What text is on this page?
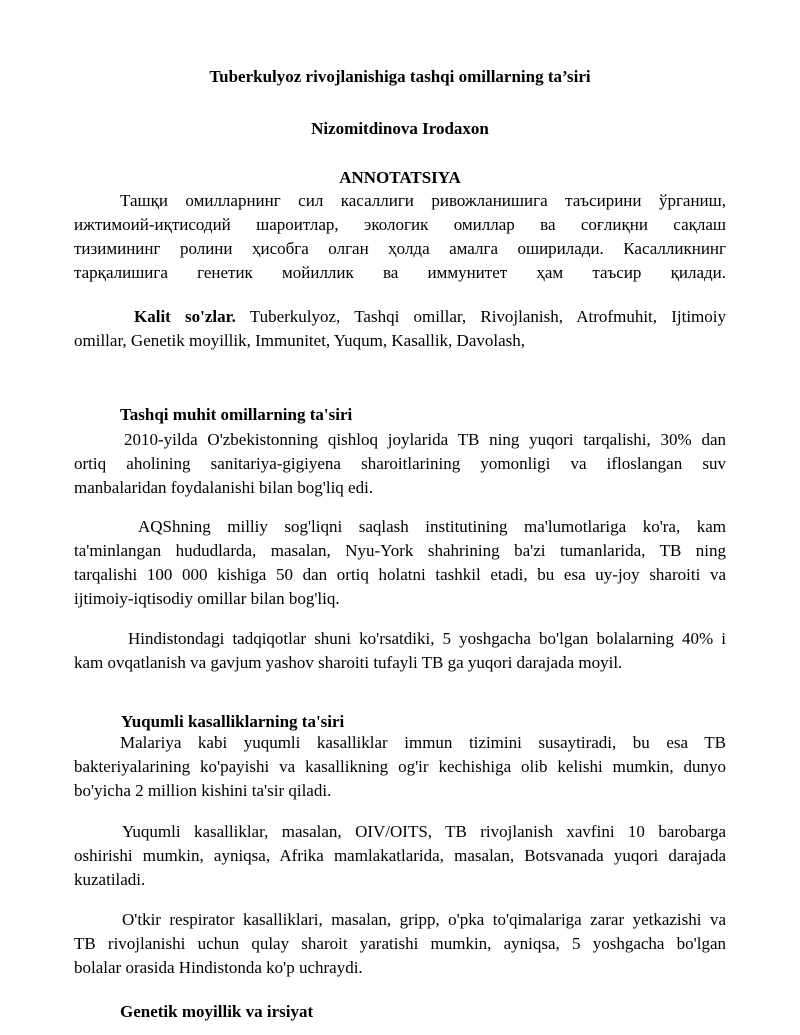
Tuberkulyoz rivojlanishiga tashqi omillarning ta’siri
Nizomitdinova Irodaxon
ANNOTATSIYA
Ташқи омилларнинг сил касаллиги ривожланишига таъсирини ўрганиш,
ижтимоий-иқтисодий шароитлар, экологик омиллар ва соғлиқни сақлаш
тизимининг ролини ҳисобга олган ҳолда амалга оширилади. Касалликнинг
тарқалишига генетик мойиллик ва иммунитет ҳам таъсир қилади.
Kalit so'zlar. Tuberkulyoz, Tashqi omillar, Rivojlanish, Atrofmuhit, Ijtimoiy
omillar, Genetik moyillik, Immunitet, Yuqum, Kasallik, Davolash,
Tashqi muhit omillarning ta'siri
2010-yilda O'zbekistonning qishloq joylarida TB ning yuqori tarqalishi, 30% dan
ortiq aholining sanitariya-gigiyena sharoitlarining yomonligi va ifloslangan suv
manbalaridan foydalanishi bilan bog'liq edi.
AQShning milliy sog'liqni saqlash institutining ma'lumotlariga ko'ra, kam
ta'minlangan hududlarda, masalan, Nyu-York shahrining ba'zi tumanlarida, TB ning
tarqalishi 100 000 kishiga 50 dan ortiq holatni tashkil etadi, bu esa uy-joy sharoiti va
ijtimoiy-iqtisodiy omillar bilan bog'liq.
Hindistondagi tadqiqotlar shuni ko'rsatdiki, 5 yoshgacha bo'lgan bolalarning 40% i
kam ovqatlanish va gavjum yashov sharoiti tufayli TB ga yuqori darajada moyil.
Yuqumli kasalliklarning ta'siri
Malariya kabi yuqumli kasalliklar immun tizimini susaytiradi, bu esa TB
bakteriyalarining ko'payishi va kasallikning og'ir kechishiga olib kelishi mumkin, dunyo
bo'yicha 2 million kishini ta'sir qiladi.
Yuqumli kasalliklar, masalan, OIV/OITS, TB rivojlanish xavfini 10 barobarga
oshirishi mumkin, ayniqsa, Afrika mamlakatlarida, masalan, Botsvanada yuqori darajada
kuzatiladi.
O'tkir respirator kasalliklari, masalan, gripp, o'pka to'qimalariga zarar yetkazishi va
TB rivojlanishi uchun qulay sharoit yaratishi mumkin, ayniqsa, 5 yoshgacha bo'lgan
bolalar orasida Hindistonda ko'p uchraydi.
Genetik moyillik va irsiyat
